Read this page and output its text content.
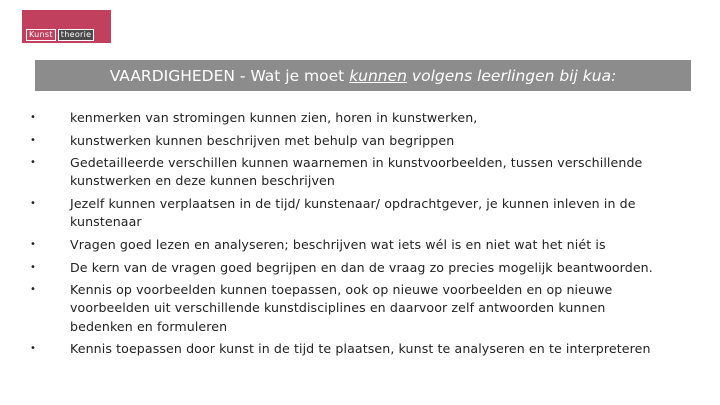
Kunst	theorie
VAARDIGHEDEN - Wat je moet kunnen volgens leerlingen bij kua:
•	kenmerken van stromingen kunnen zien, horen in kunstwerken,
•	kunstwerken kunnen beschrijven met behulp van begrippen
•	Gedetailleerde verschillen kunnen waarnemen in kunstvoorbeelden, tussen verschillende
kunstwerken en deze kunnen beschrijven
•	Jezelf kunnen verplaatsen in de tijd/ kunstenaar/ opdrachtgever, je kunnen inleven in de
kunstenaar
•	Vragen goed lezen en analyseren; beschrijven wat iets wél is en niet wat het niét is
•	De kern van de vragen goed begrijpen en dan de vraag zo precies mogelijk beantwoorden.
•	Kennis op voorbeelden kunnen toepassen, ook op nieuwe voorbeelden en op nieuwe
voorbeelden uit verschillende kunstdisciplines en daarvoor zelf antwoorden kunnen
bedenken en formuleren
•	Kennis toepassen door kunst in de tijd te plaatsen, kunst te analyseren en te interpreteren
